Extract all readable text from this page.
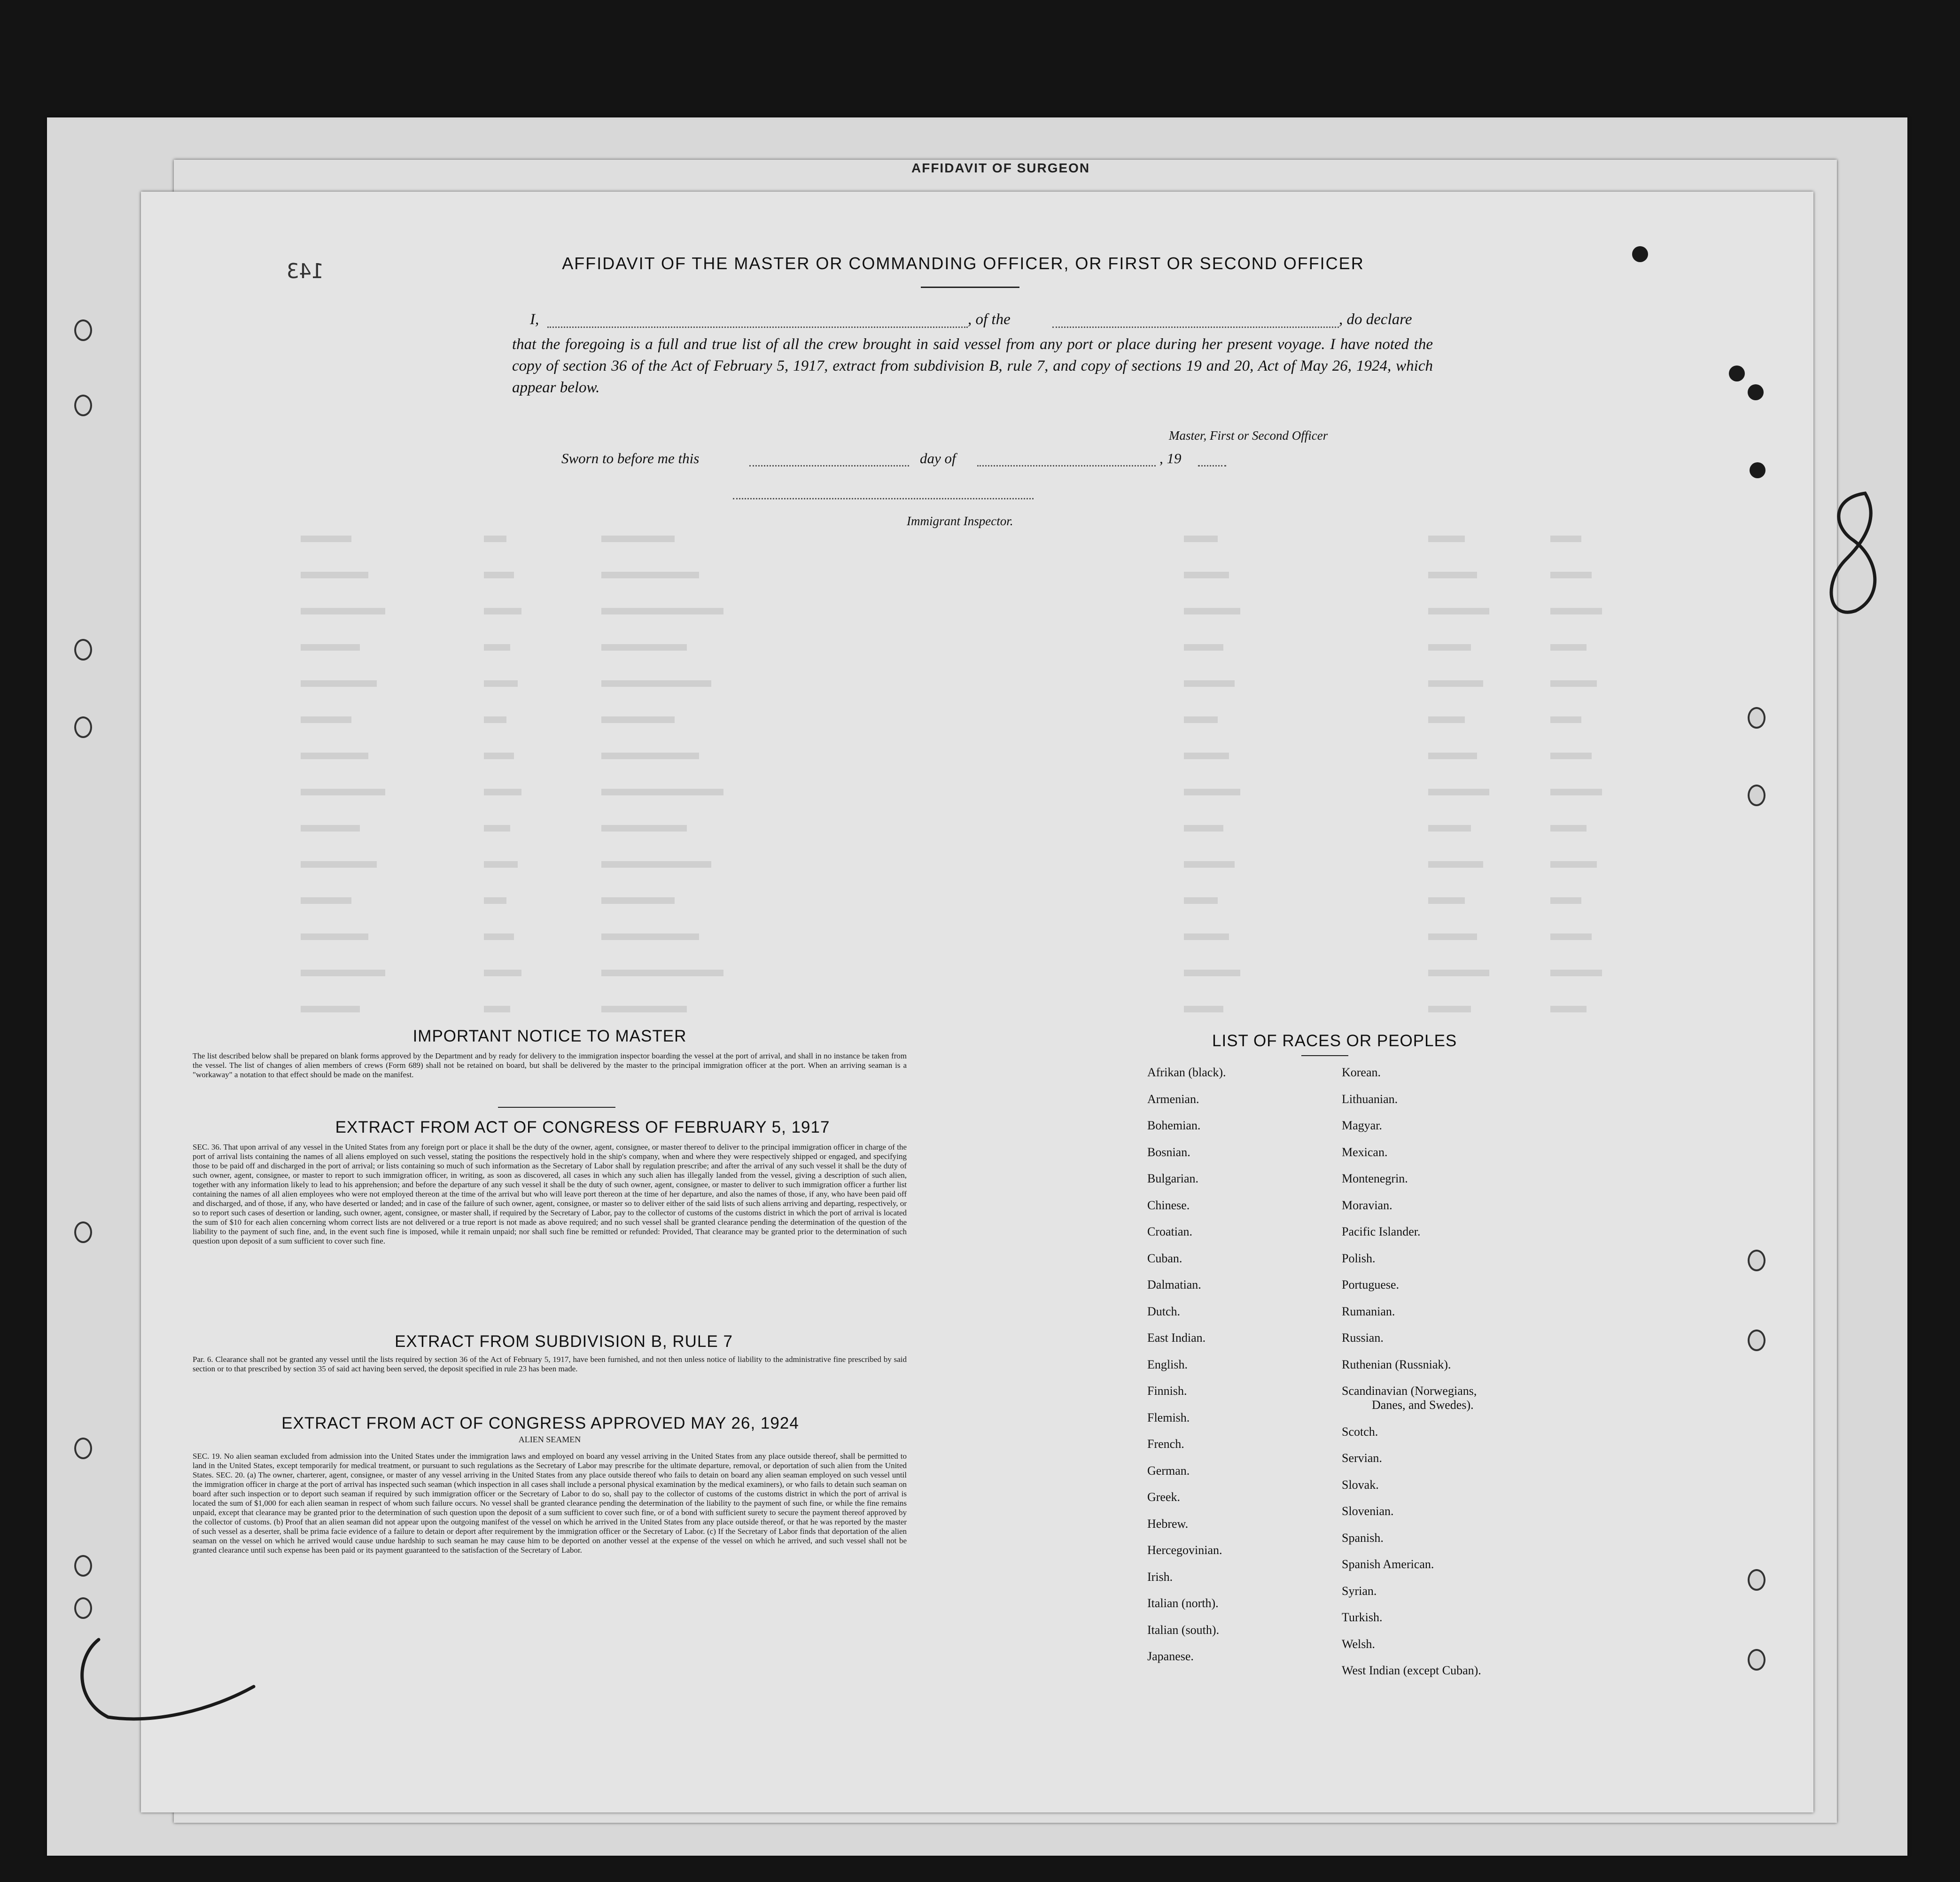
AFFIDAVIT OF SURGEON
143	AFFIDAVIT OF THE MASTER OR COMMANDING OFFICER, OR FIRST OR SECOND OFFICER
I,	, of the	, do declare
that the foregoing is a full and true list of all the crew brought in said vessel from any port or place during her present voyage. I have noted the copy of section 36 of the Act of February 5, 1917, extract from subdivision B, rule 7, and copy of sections 19 and 20, Act of May 26, 1924, which appear below.
Master, First or Second Officer
Sworn to before me this	day of	, 19
Immigrant Inspector.
IMPORTANT NOTICE TO MASTER
The list described below shall be prepared on blank forms approved by the Department and by ready for delivery to the immigration inspector boarding the vessel at the port of arrival, and shall in no instance be taken from the vessel. The list of changes of alien members of crews (Form 689) shall not be retained on board, but shall be delivered by the master to the principal immigration officer at the port. When an arriving seaman is a "workaway" a notation to that effect should be made on the manifest.
EXTRACT FROM ACT OF CONGRESS OF FEBRUARY 5, 1917
SEC. 36. That upon arrival of any vessel in the United States from any foreign port or place it shall be the duty of the owner, agent, consignee, or master thereof to deliver to the principal immigration officer in charge of the port of arrival lists containing the names of all aliens employed on such vessel, stating the positions the respectively hold in the ship's company, when and where they were respectively shipped or engaged, and specifying those to be paid off and discharged in the port of arrival; or lists containing so much of such information as the Secretary of Labor shall by regulation prescribe; and after the arrival of any such vessel it shall be the duty of such owner, agent, consignee, or master to report to such immigration officer, in writing, as soon as discovered, all cases in which any such alien has illegally landed from the vessel, giving a description of such alien, together with any information likely to lead to his apprehension; and before the departure of any such vessel it shall be the duty of such owner, agent, consignee, or master to deliver to such immigration officer a further list containing the names of all alien employees who were not employed thereon at the time of the arrival but who will leave port thereon at the time of her departure, and also the names of those, if any, who have been paid off and discharged, and of those, if any, who have deserted or landed; and in case of the failure of such owner, agent, consignee, or master so to deliver either of the said lists of such aliens arriving and departing, respectively, or so to report such cases of desertion or landing, such owner, agent, consignee, or master shall, if required by the Secretary of Labor, pay to the collector of customs of the customs district in which the port of arrival is located the sum of $10 for each alien concerning whom correct lists are not delivered or a true report is not made as above required; and no such vessel shall be granted clearance pending the determination of the question of the liability to the payment of such fine, and, in the event such fine is imposed, while it remain unpaid; nor shall such fine be remitted or refunded: Provided, That clearance may be granted prior to the determination of such question upon deposit of a sum sufficient to cover such fine.
EXTRACT FROM SUBDIVISION B, RULE 7
Par. 6. Clearance shall not be granted any vessel until the lists required by section 36 of the Act of February 5, 1917, have been furnished, and not then unless notice of liability to the administrative fine prescribed by said section or to that prescribed by section 35 of said act having been served, the deposit specified in rule 23 has been made.
EXTRACT FROM ACT OF CONGRESS APPROVED MAY 26, 1924
ALIEN SEAMEN
SEC. 19. No alien seaman excluded from admission into the United States under the immigration laws and employed on board any vessel arriving in the United States from any place outside thereof, shall be permitted to land in the United States, except temporarily for medical treatment, or pursuant to such regulations as the Secretary of Labor may prescribe for the ultimate departure, removal, or deportation of such alien from the United States. SEC. 20. (a) The owner, charterer, agent, consignee, or master of any vessel arriving in the United States from any place outside thereof who fails to detain on board any alien seaman employed on such vessel until the immigration officer in charge at the port of arrival has inspected such seaman (which inspection in all cases shall include a personal physical examination by the medical examiners), or who fails to detain such seaman on board after such inspection or to deport such seaman if required by such immigration officer or the Secretary of Labor to do so, shall pay to the collector of customs of the customs district in which the port of arrival is located the sum of $1,000 for each alien seaman in respect of whom such failure occurs. No vessel shall be granted clearance pending the determination of the liability to the payment of such fine, or while the fine remains unpaid, except that clearance may be granted prior to the determination of such question upon the deposit of a sum sufficient to cover such fine, or of a bond with sufficient surety to secure the payment thereof approved by the collector of customs. (b) Proof that an alien seaman did not appear upon the outgoing manifest of the vessel on which he arrived in the United States from any place outside thereof, or that he was reported by the master of such vessel as a deserter, shall be prima facie evidence of a failure to detain or deport after requirement by the immigration officer or the Secretary of Labor. (c) If the Secretary of Labor finds that deportation of the alien seaman on the vessel on which he arrived would cause undue hardship to such seaman he may cause him to be deported on another vessel at the expense of the vessel on which he arrived, and such vessel shall not be granted clearance until such expense has been paid or its payment guaranteed to the satisfaction of the Secretary of Labor.
LIST OF RACES OR PEOPLES
Afrikan (black).
Armenian.
Bohemian.
Bosnian.
Bulgarian.
Chinese.
Croatian.
Cuban.
Dalmatian.
Dutch.
East Indian.
English.
Finnish.
Flemish.
French.
German.
Greek.
Hebrew.
Hercegovinian.
Irish.
Italian (north).
Italian (south).
Japanese.
Korean.
Lithuanian.
Magyar.
Mexican.
Montenegrin.
Moravian.
Pacific Islander.
Polish.
Portuguese.
Rumanian.
Russian.
Ruthenian (Russniak).
Scandinavian (Norwegians,
Danes, and Swedes).
Scotch.
Servian.
Slovak.
Slovenian.
Spanish.
Spanish American.
Syrian.
Turkish.
Welsh.
West Indian (except Cuban).
